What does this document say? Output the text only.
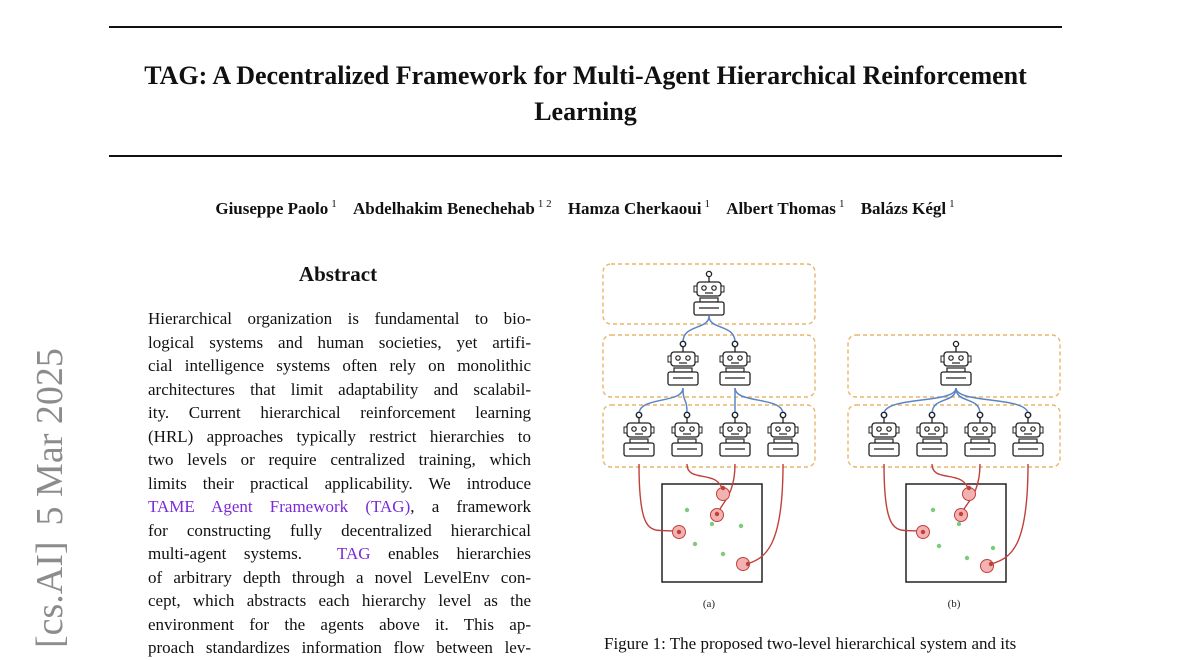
TAG: A Decentralized Framework for Multi-Agent Hierarchical Reinforcement
Learning
Giuseppe Paolo $^1$ Abdelhakim Benechehab $^{1 2}$ Hamza Cherkaoui $^1$ Albert Thomas $^1$ Balázs Kégl $^1$
[cs.AI]5 Mar 2025
Abstract

Hierarchical organization is fundamental to bio-
logical systems and human societies, yet artifi-
cial intelligence systems often rely on monolithic
architectures that limit adaptability and scalabil-
ity. Current hierarchical reinforcement learning
(HRL) approaches typically restrict hierarchies to
two levels or require centralized training, which
limits their practical applicability. We introduce
TAME Agent Framework (TAG), a framework
for constructing fully decentralized hierarchical
multi-agent systems. TAG enables hierarchies
of arbitrary depth through a novel LevelEnv con-
cept, which abstracts each hierarchy level as the
environment for the agents above it. This ap-
proach standardizes information flow between lev-

(a)	(b)
Figure 1: The proposed two-level hierarchical system and its
